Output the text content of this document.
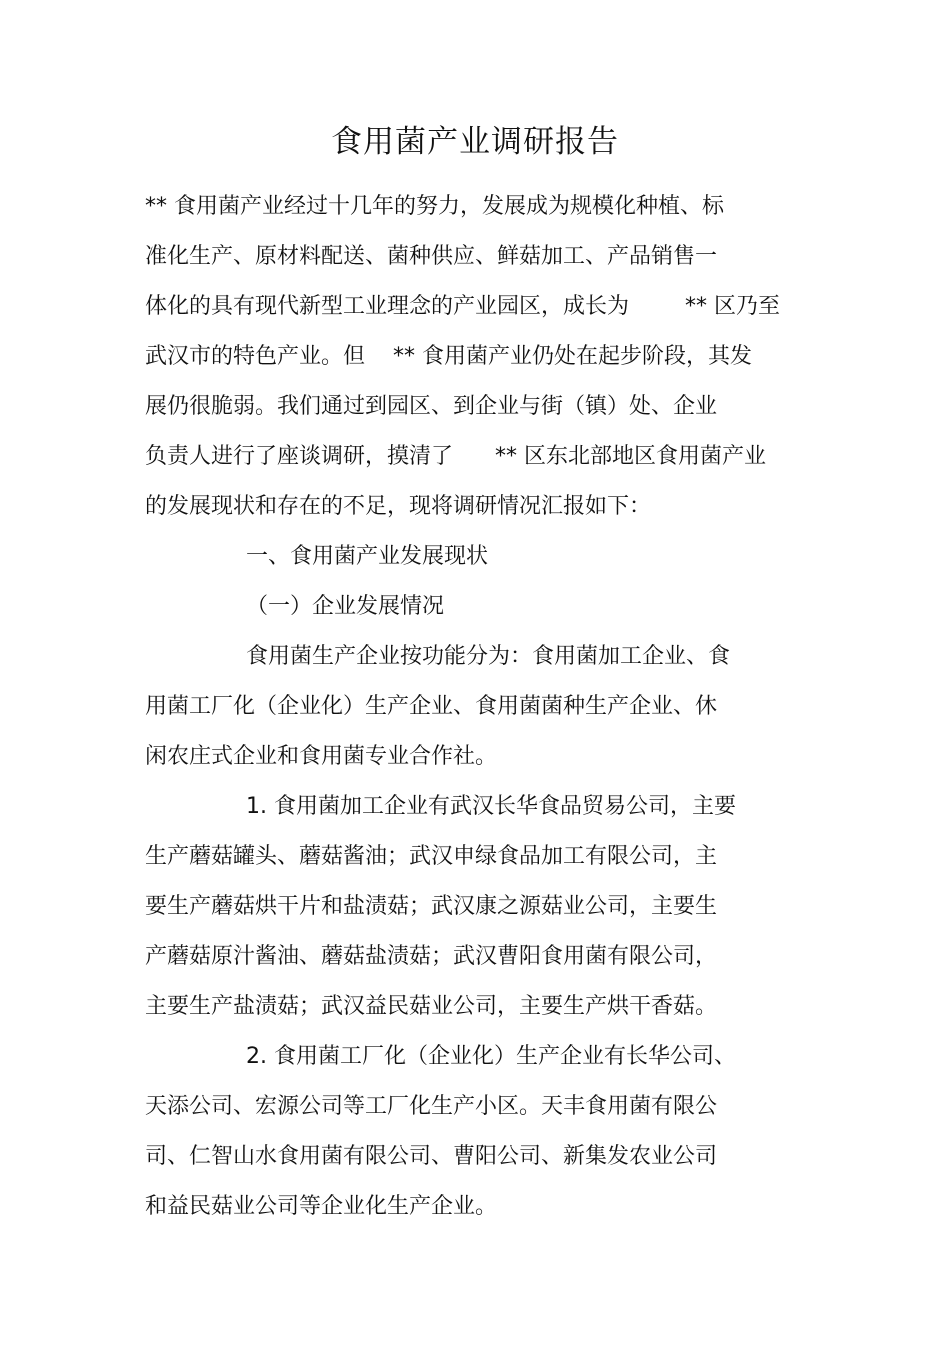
食用菌产业调研报告
** 食用菌产业经过十几年的努力，发展成为规模化种植、标
准化生产、原材料配送、菌种供应、鲜菇加工、产品销售一
体化的具有现代新型工业理念的产业园区，成长为        ** 区乃至
武汉市的特色产业。但    ** 食用菌产业仍处在起步阶段，其发
展仍很脆弱。我们通过到园区、到企业与街（镇）处、企业
负责人进行了座谈调研，摸清了      ** 区东北部地区食用菌产业
的发展现状和存在的不足，现将调研情况汇报如下：
一、食用菌产业发展现状
（一）企业发展情况
食用菌生产企业按功能分为：食用菌加工企业、食
用菌工厂化（企业化）生产企业、食用菌菌种生产企业、休
闲农庄式企业和食用菌专业合作社。
1. 食用菌加工企业有武汉长华食品贸易公司，主要
生产蘑菇罐头、蘑菇酱油；武汉申绿食品加工有限公司，主
要生产蘑菇烘干片和盐渍菇；武汉康之源菇业公司，主要生
产蘑菇原汁酱油、蘑菇盐渍菇；武汉曹阳食用菌有限公司，
主要生产盐渍菇；武汉益民菇业公司，主要生产烘干香菇。
2. 食用菌工厂化（企业化）生产企业有长华公司、
天添公司、宏源公司等工厂化生产小区。天丰食用菌有限公
司、仁智山水食用菌有限公司、曹阳公司、新集发农业公司
和益民菇业公司等企业化生产企业。
